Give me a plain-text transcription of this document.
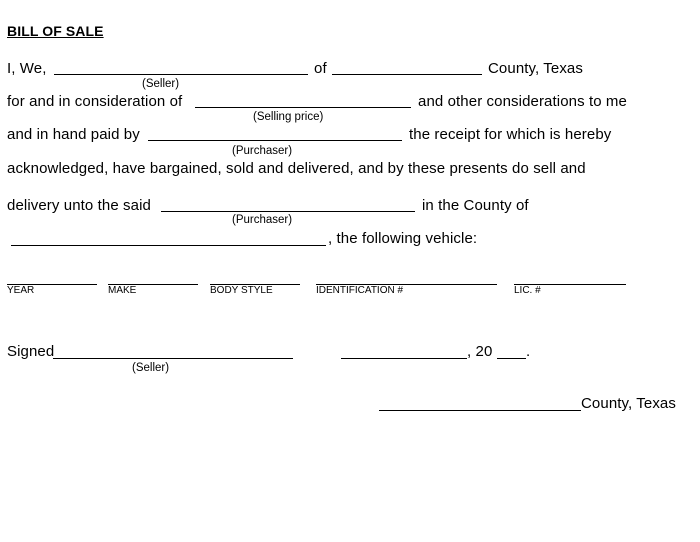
BILL OF SALE
I, We,	of	County, Texas
(Seller)
for and in consideration of	and other considerations to me
(Selling price)
and in hand paid by	the receipt for which is hereby
(Purchaser)
acknowledged, have bargained, sold and delivered, and by these presents do sell and
delivery unto the said	in the County of
(Purchaser)
, the following vehicle:
YEAR	MAKE	BODY STYLE	IDENTIFICATION #	LIC. #
Signed
(Seller)
, 20 .
County, Texas
